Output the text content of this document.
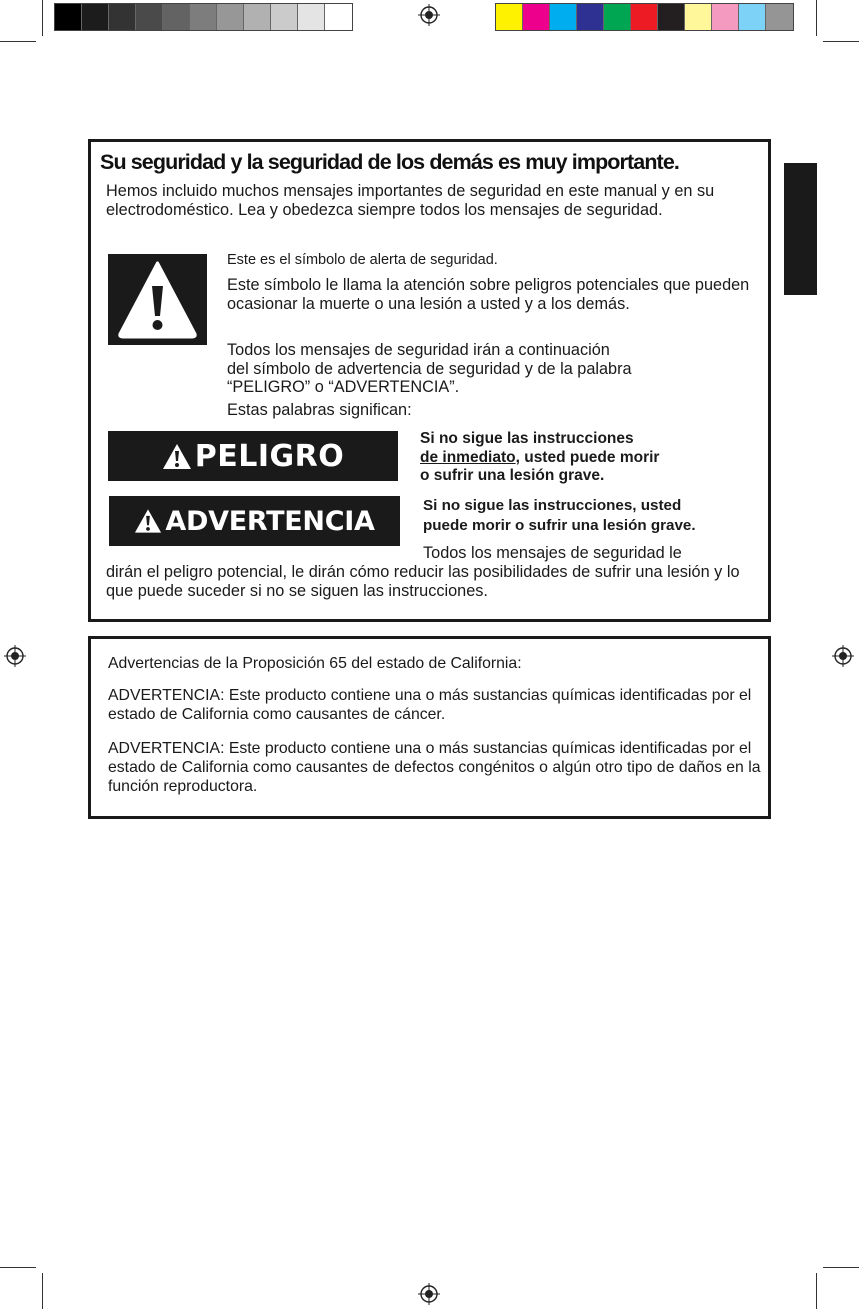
Su seguridad y la seguridad de los demás es muy importante.
Hemos incluido muchos mensajes importantes de seguridad en este manual y en su electrodoméstico. Lea y obedezca siempre todos los mensajes de seguridad.
Este es el símbolo de alerta de seguridad.
Este símbolo le llama la atención sobre peligros potenciales que pueden ocasionar la muerte o una lesión a usted y a los demás.
Todos los mensajes de seguridad irán a continuación
del símbolo de advertencia de seguridad y de la palabra
“PELIGRO” o “ADVERTENCIA”.
Estas palabras significan:
PELIGRO	Si no sigue las instrucciones
de inmediato, usted puede morir
o sufrir una lesión grave.
ADVERTENCIA	Si no sigue las instrucciones, usted
puede morir o sufrir una lesión grave.
Todos los mensajes de seguridad le
dirán el peligro potencial, le dirán cómo reducir las posibilidades de sufrir una lesión y lo que puede suceder si no se siguen las instrucciones.
Advertencias de la Proposición 65 del estado de California:
ADVERTENCIA: Este producto contiene una o más sustancias químicas identificadas por el estado de California como causantes de cáncer.
ADVERTENCIA: Este producto contiene una o más sustancias químicas identificadas por el estado de California como causantes de defectos congénitos o algún otro tipo de daños en la función reproductora.
